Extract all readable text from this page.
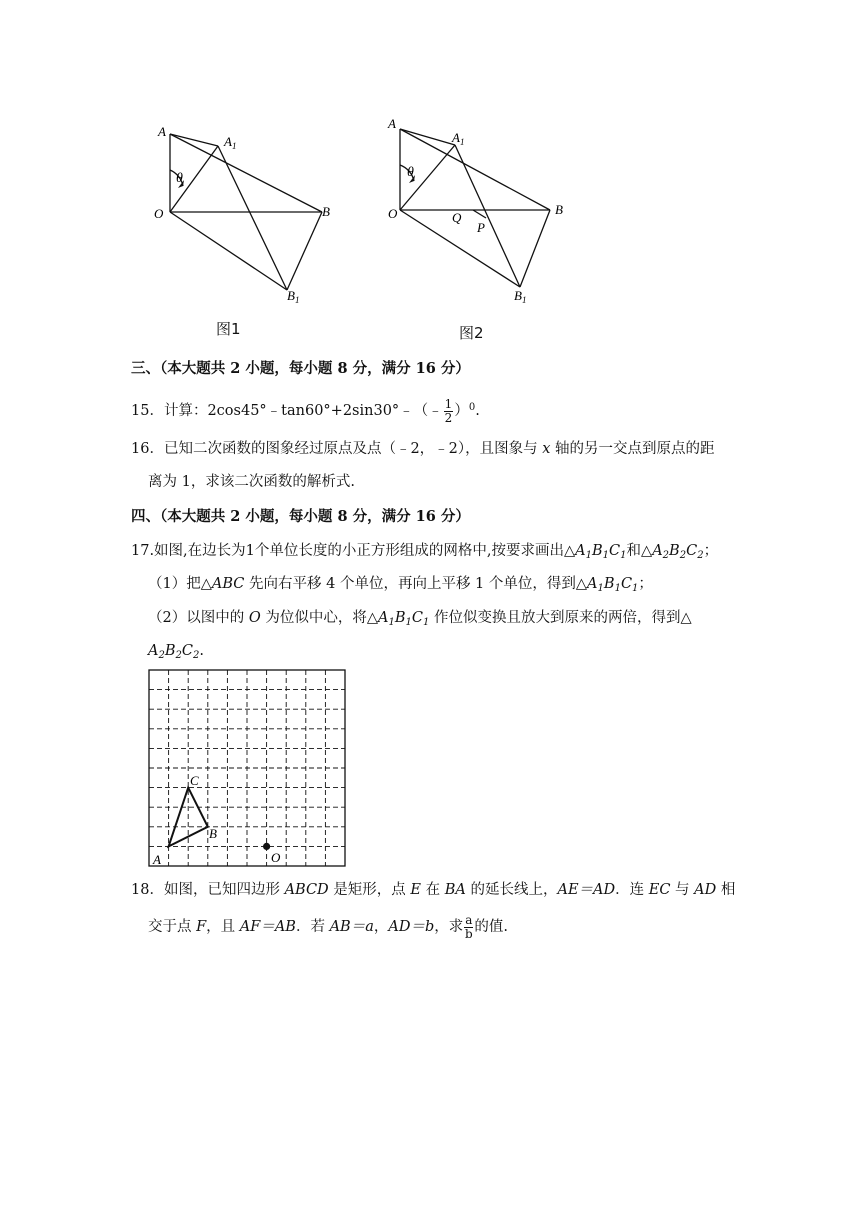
A
$A_1$
θ
O	B
$B_1$
图1
A
$A_1$
θ
O	Q
P
B
$B_1$
图2
三、（本大题共 2 小题，每小题 8 分，满分 16 分）
15．计算：2cos45°﹣tan60°+2sin30°﹣（﹣ $\frac{1}{2} )^0$.
16．已知二次函数的图象经过原点及点（﹣2，﹣2），且图象与 x 轴的另一交点到原点的距
离为 1，求该二次函数的解析式.
四、（本大题共 2 小题，每小题 8 分，满分 16 分）
17.如图,在边长为1个单位长度的小正方形组成的网格中,按要求画出$\triangle A_1B_1C_1$和$\triangle A_2B_2C_2$；
（1）把△ABC 先向右平移 4 个单位，再向上平移 1 个单位，得到$\triangle A_1B_1C_1$；
（2）以图中的 O 为位似中心，将$\triangle A_1B_1C_1$ 作位似变换且放大到原来的两倍，得到△
$A_2B_2C_2$.
A
B
C
O
18．如图，已知四边形 ABCD 是矩形，点 E 在 BA 的延长线上，AE＝AD．连 EC 与 AD 相
交于点 F，且 AF＝AB．若 AB＝a，AD＝b，求 $\frac{a}{b}$ 的值.
